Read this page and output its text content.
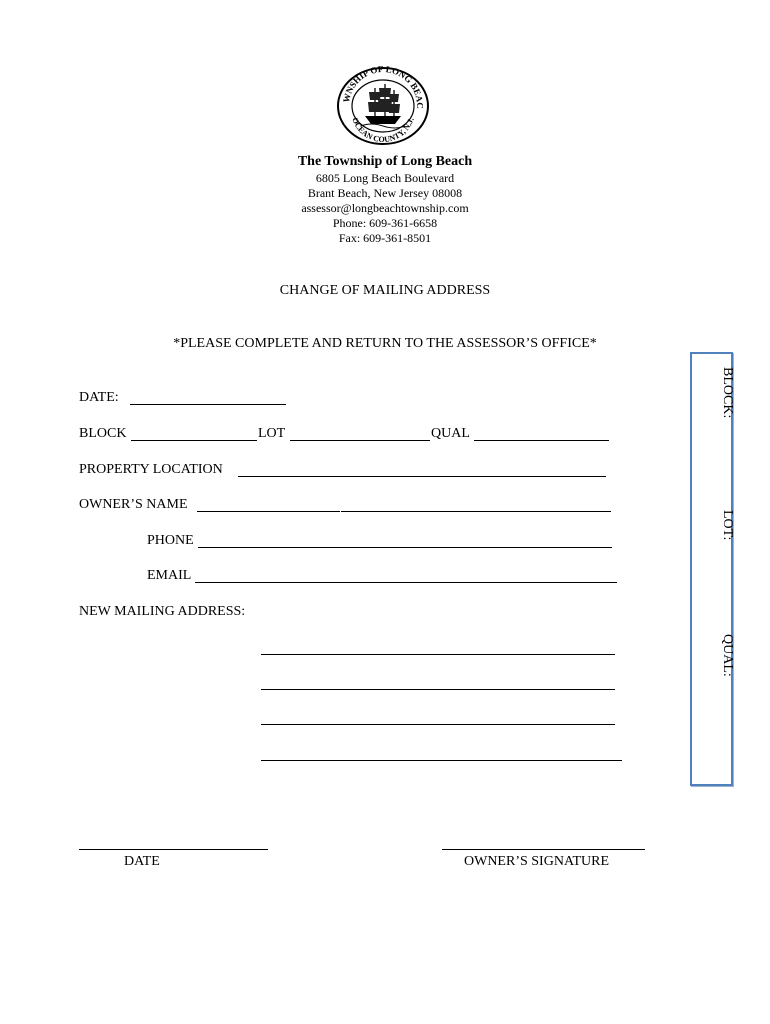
WNSHIP OF LONG BEAC
OCEAN COUNTY, N.J.
The Township of Long Beach
6805 Long Beach Boulevard
Brant Beach, New Jersey 08008
assessor@longbeachtownship.com
Phone: 609-361-6658
Fax: 609-361-8501
CHANGE OF MAILING ADDRESS
*PLEASE COMPLETE AND RETURN TO THE ASSESSOR’S OFFICE*
DATE:
BLOCK	LOT	QUAL
PROPERTY LOCATION
OWNER’S NAME
PHONE
EMAIL
NEW MAILING ADDRESS:
DATE	OWNER’S SIGNATURE
BLOCK:
LOT:
QUAL:
